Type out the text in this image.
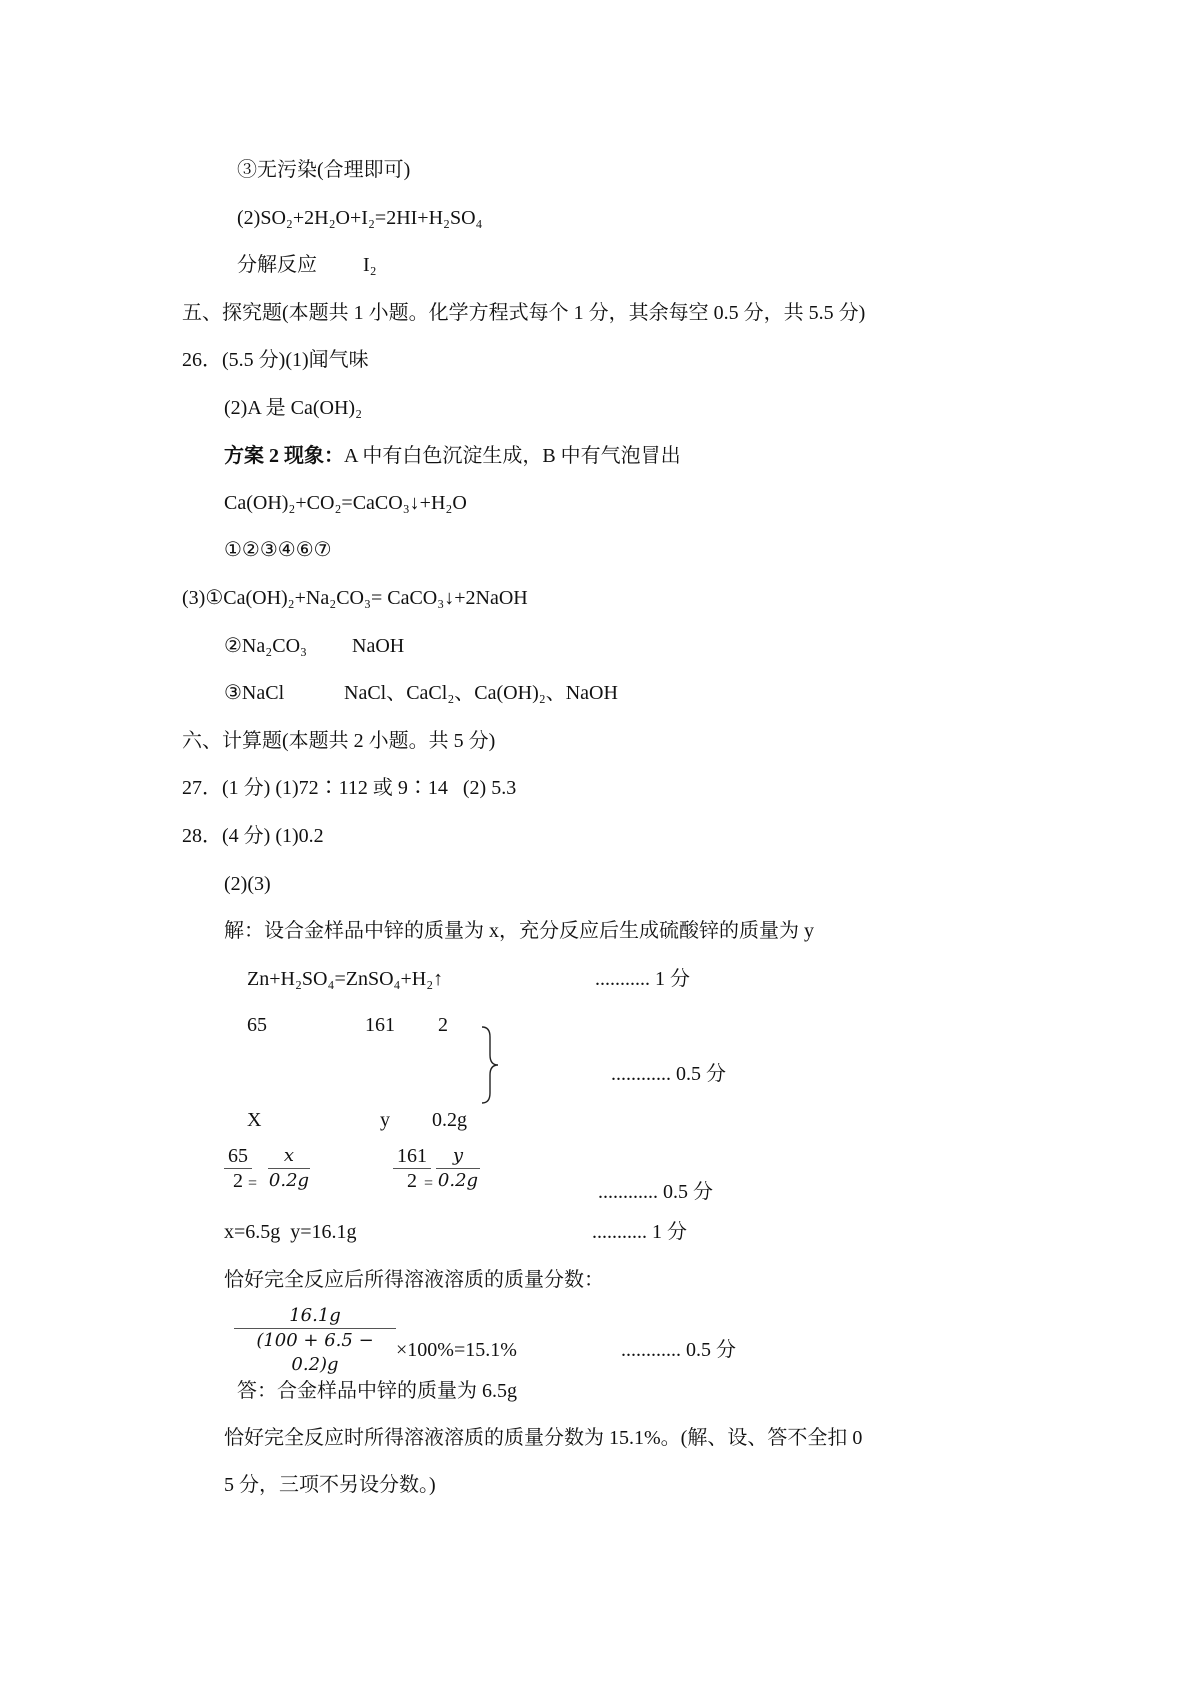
③无污染(合理即可)
(2)SO₂+2H₂O+I₂=2HI+H₂SO₄
分解反应 I₂
五、探究题(本题共 1 小题。化学方程式每个 1 分，其余每空 0.5 分，共 5.5 分)
26．(5.5 分)(1)闻气味
(2)A 是 Ca(OH)₂
方案 2 现象：A 中有白色沉淀生成，B 中有气泡冒出
Ca(OH)₂+CO₂=CaCO₃↓+H₂O
①②③④⑥⑦
(3)①Ca(OH)₂+Na₂CO₃= CaCO₃↓+2NaOH
②Na₂CO₃ NaOH
③NaCl	NaCl、CaCl₂、Ca(OH)₂、NaOH
六、计算题(本题共 2 小题。共 5 分)
27．(1 分) (1)72∶112 或 9∶14   (2) 5.3
28．(4 分) (1)0.2
(2)(3)
解：设合金样品中锌的质量为 x，充分反应后生成硫酸锌的质量为 y
Zn+H₂SO₄=ZnSO₄+H₂↑	........... 1 分
65	161 2
............ 0.5 分
X	y 0.2g
65
2 =
x
0.2g
161
2 =
y
0.2g
............ 0.5 分
x=6.5g  y=16.1g	........... 1 分
恰好完全反应后所得溶液溶质的质量分数：
16.1g
(100 + 6.5 − 0.2)g
×100%=15.1%	............ 0.5 分
答：合金样品中锌的质量为 6.5g
恰好完全反应时所得溶液溶质的质量分数为 15.1%。(解、设、答不全扣 0
5 分，三项不另设分数。)
